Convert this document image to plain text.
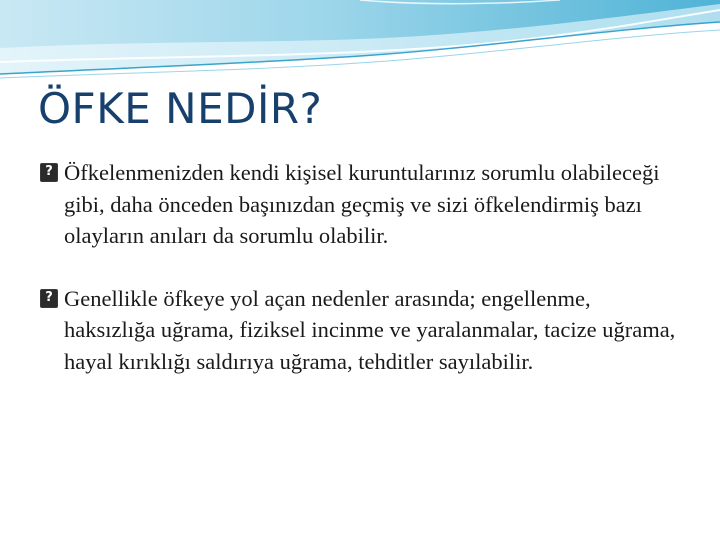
ÖFKE NEDİR?
?
Öfkelenmenizden kendi kişisel kuruntularınız sorumlu olabileceği gibi, daha önceden başınızdan geçmiş ve sizi öfkelendirmiş bazı olayların anıları da sorumlu olabilir.
?
Genellikle öfkeye yol açan nedenler arasında; engellenme, haksızlığa uğrama, fiziksel incinme ve yaralanmalar, tacize uğrama, hayal kırıklığı saldırıya uğrama, tehditler sayılabilir.
